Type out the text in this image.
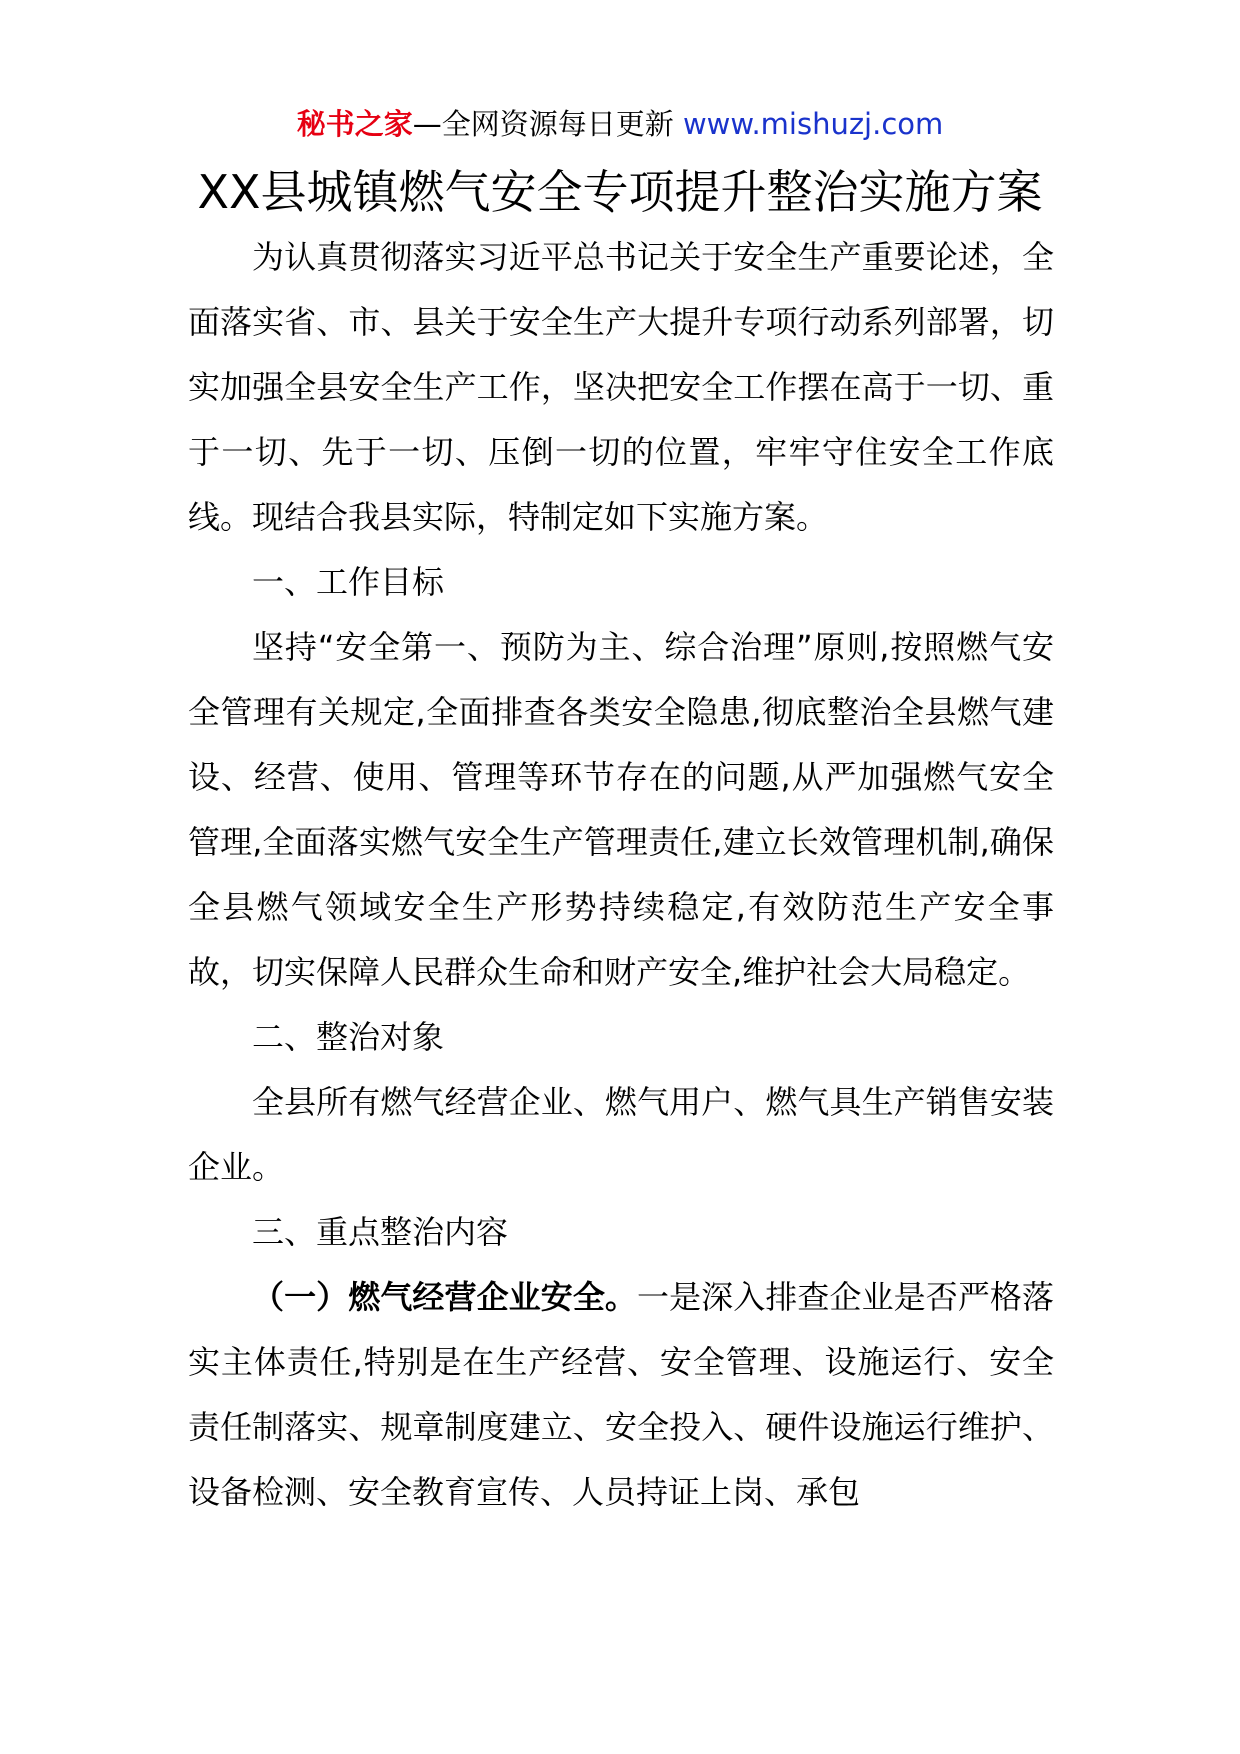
秘书之家—全网资源每日更新 www.mishuzj.com
XX县城镇燃气安全专项提升整治实施方案

为认真贯彻落实习近平总书记关于安全生产重要论述，全面落实省、市、县关于安全生产大提升专项行动系列部署，切实加强全县安全生产工作，坚决把安全工作摆在高于一切、重于一切、先于一切、压倒一切的位置，牢牢守住安全工作底线。现结合我县实际，特制定如下实施方案。

一、工作目标

坚持“安全第一、预防为主、综合治理”原则,按照燃气安全管理有关规定,全面排查各类安全隐患,彻底整治全县燃气建设、经营、使用、管理等环节存在的问题,从严加强燃气安全管理,全面落实燃气安全生产管理责任,建立长效管理机制,确保全县燃气领域安全生产形势持续稳定,有效防范生产安全事故，切实保障人民群众生命和财产安全,维护社会大局稳定。

二、整治对象

全县所有燃气经营企业、燃气用户、燃气具生产销售安装企业。

三、重点整治内容

（一）燃气经营企业安全。一是深入排查企业是否严格落实主体责任,特别是在生产经营、安全管理、设施运行、安全责任制落实、规章制度建立、安全投入、硬件设施运行维护、设备检测、安全教育宣传、人员持证上岗、承包
